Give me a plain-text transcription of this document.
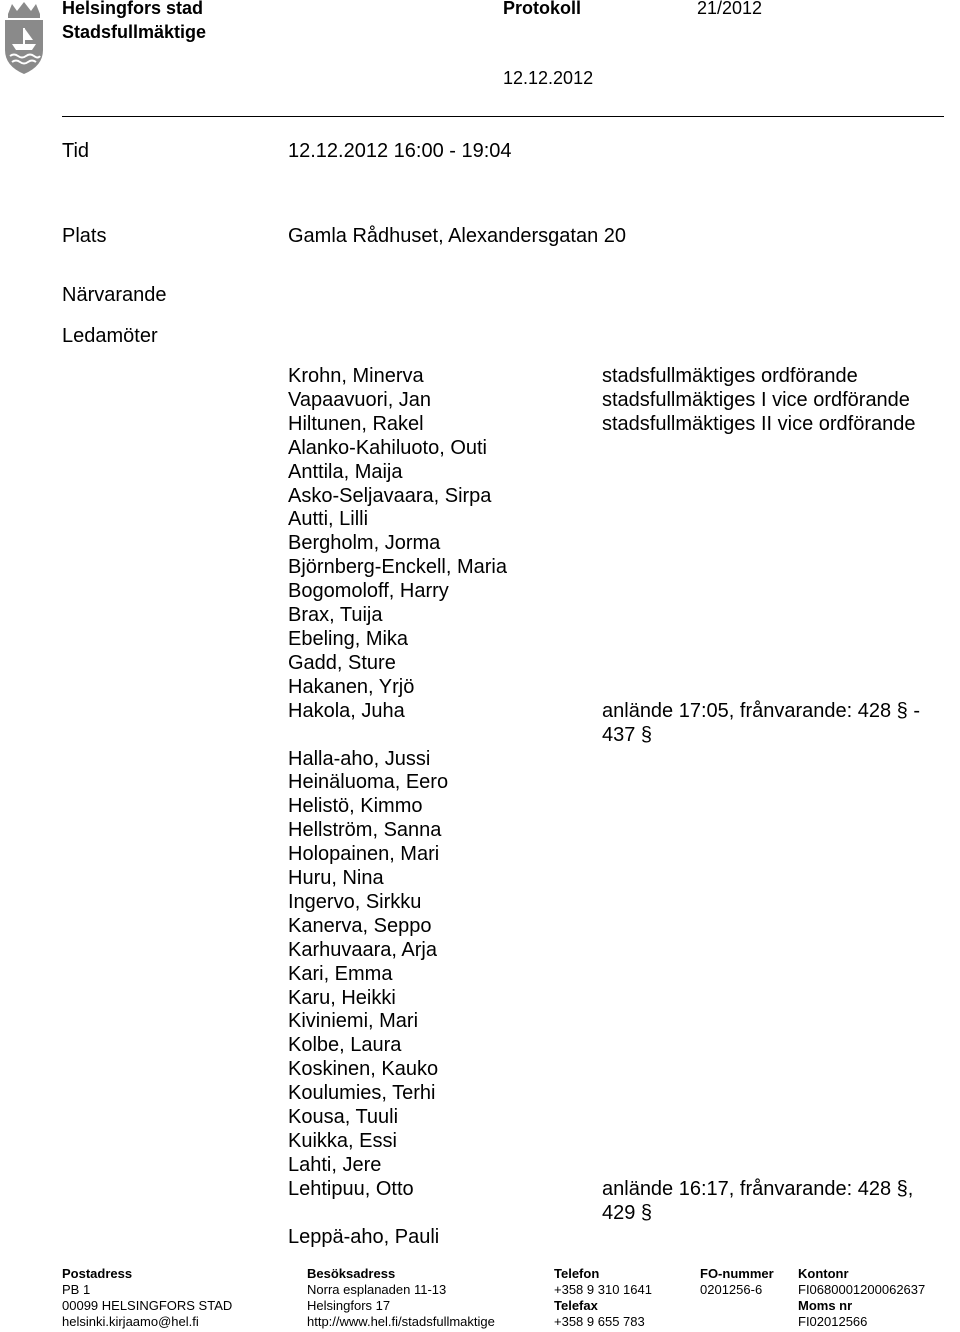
Helsingfors stad
Stadsfullmäktige
Protokoll	21/2012
12.12.2012
Tid	12.12.2012 16:00 - 19:04
Plats	Gamla Rådhuset, Alexandersgatan 20
Närvarande
Ledamöter
Krohn, Minerva	stadsfullmäktiges ordförande
Vapaavuori, Jan	stadsfullmäktiges I vice ordförande
Hiltunen, Rakel	stadsfullmäktiges II vice ordförande
Alanko-Kahiluoto, Outi
Anttila, Maija
Asko-Seljavaara, Sirpa
Autti, Lilli
Bergholm, Jorma
Björnberg-Enckell, Maria
Bogomoloff, Harry
Brax, Tuija
Ebeling, Mika
Gadd, Sture
Hakanen, Yrjö
Hakola, Juha	anlände 17:05, frånvarande: 428 § - 437 §
Halla-aho, Jussi
Heinäluoma, Eero
Helistö, Kimmo
Hellström, Sanna
Holopainen, Mari
Huru, Nina
Ingervo, Sirkku
Kanerva, Seppo
Karhuvaara, Arja
Kari, Emma
Karu, Heikki
Kiviniemi, Mari
Kolbe, Laura
Koskinen, Kauko
Koulumies, Terhi
Kousa, Tuuli
Kuikka, Essi
Lahti, Jere
Lehtipuu, Otto	anlände 16:17, frånvarande: 428 §, 429 §
Leppä-aho, Pauli
Postadress
PB 1
00099 HELSINGFORS STAD
helsinki.kirjaamo@hel.fi
Besöksadress
Norra esplanaden 11-13
Helsingfors 17
http://www.hel.fi/stadsfullmaktige
Telefon
+358 9 310 1641
Telefax
+358 9 655 783
FO-nummer
0201256-6
Kontonr
FI0680001200062637
Moms nr
FI02012566
